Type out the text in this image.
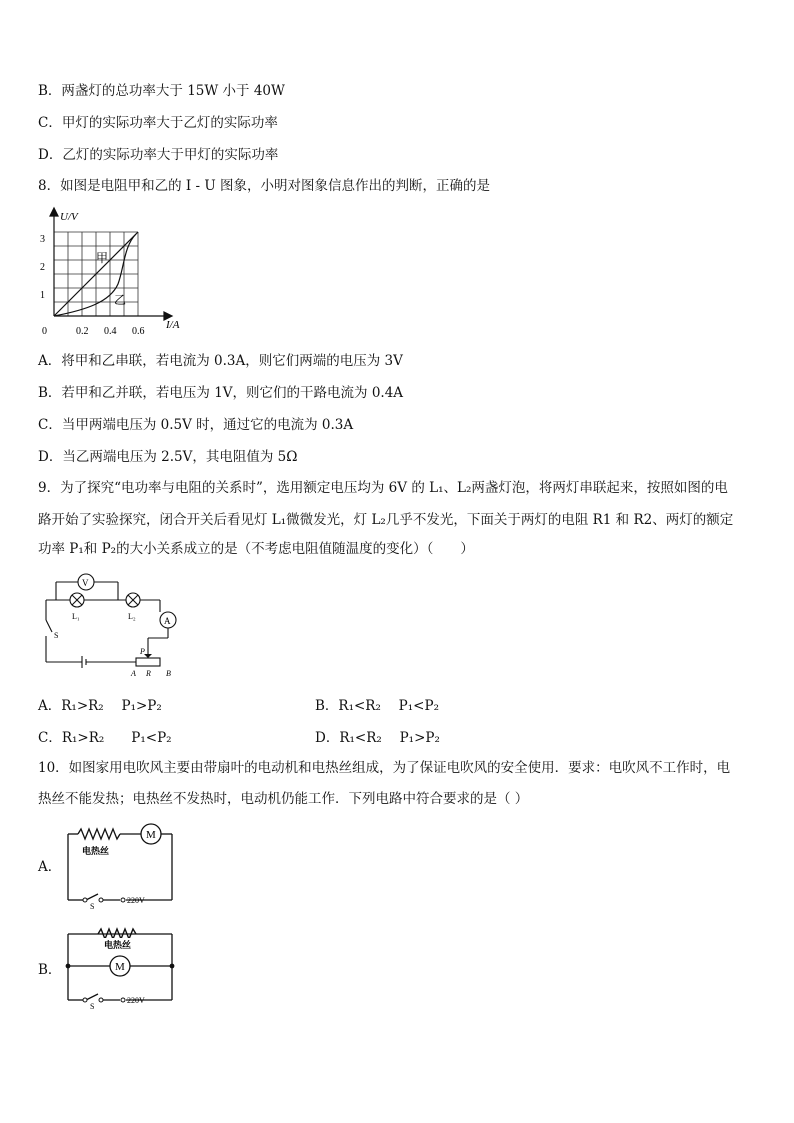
B．两盏灯的总功率大于 15W 小于 40W
C．甲灯的实际功率大于乙灯的实际功率
D．乙灯的实际功率大于甲灯的实际功率
8．如图是电阻甲和乙的 I - U 图象，小明对图象信息作出的判断，正确的是
U/V
I/A
0	0.2 0.4 0.6
1
2
3
甲
乙
A．将甲和乙串联，若电流为 0.3A，则它们两端的电压为 3V
B．若甲和乙并联，若电压为 1V，则它们的干路电流为 0.4A
C．当甲两端电压为 0.5V 时，通过它的电流为 0.3A
D．当乙两端电压为 2.5V，其电阻值为 5Ω
9．为了探究“电功率与电阻的关系时”，选用额定电压均为 6V 的 L₁、L₂两盏灯泡，将两灯串联起来，按照如图的电
路开始了实验探究，闭合开关后看见灯 L₁微微发光，灯 L₂几乎不发光，下面关于两灯的电阻 R1 和 R2、两灯的额定
功率 P₁和 P₂的大小关系成立的是（不考虑电阻值随温度的变化）（　　）
V
A
L₁	L₂
S
P
A R B
A．R₁>R₂　 P₁>P₂	B．R₁<R₂　 P₁<P₂
C．R₁>R₂　　P₁<P₂	D．R₁<R₂　 P₁>P₂
10．如图家用电吹风主要由带扇叶的电动机和电热丝组成，为了保证电吹风的安全使用．要求：电吹风不工作时，电
热丝不能发热；电热丝不发热时，电动机仍能工作．下列电路中符合要求的是（ ）
A．
M
电热丝
S
220V
B．
电热丝
M
S
220V
